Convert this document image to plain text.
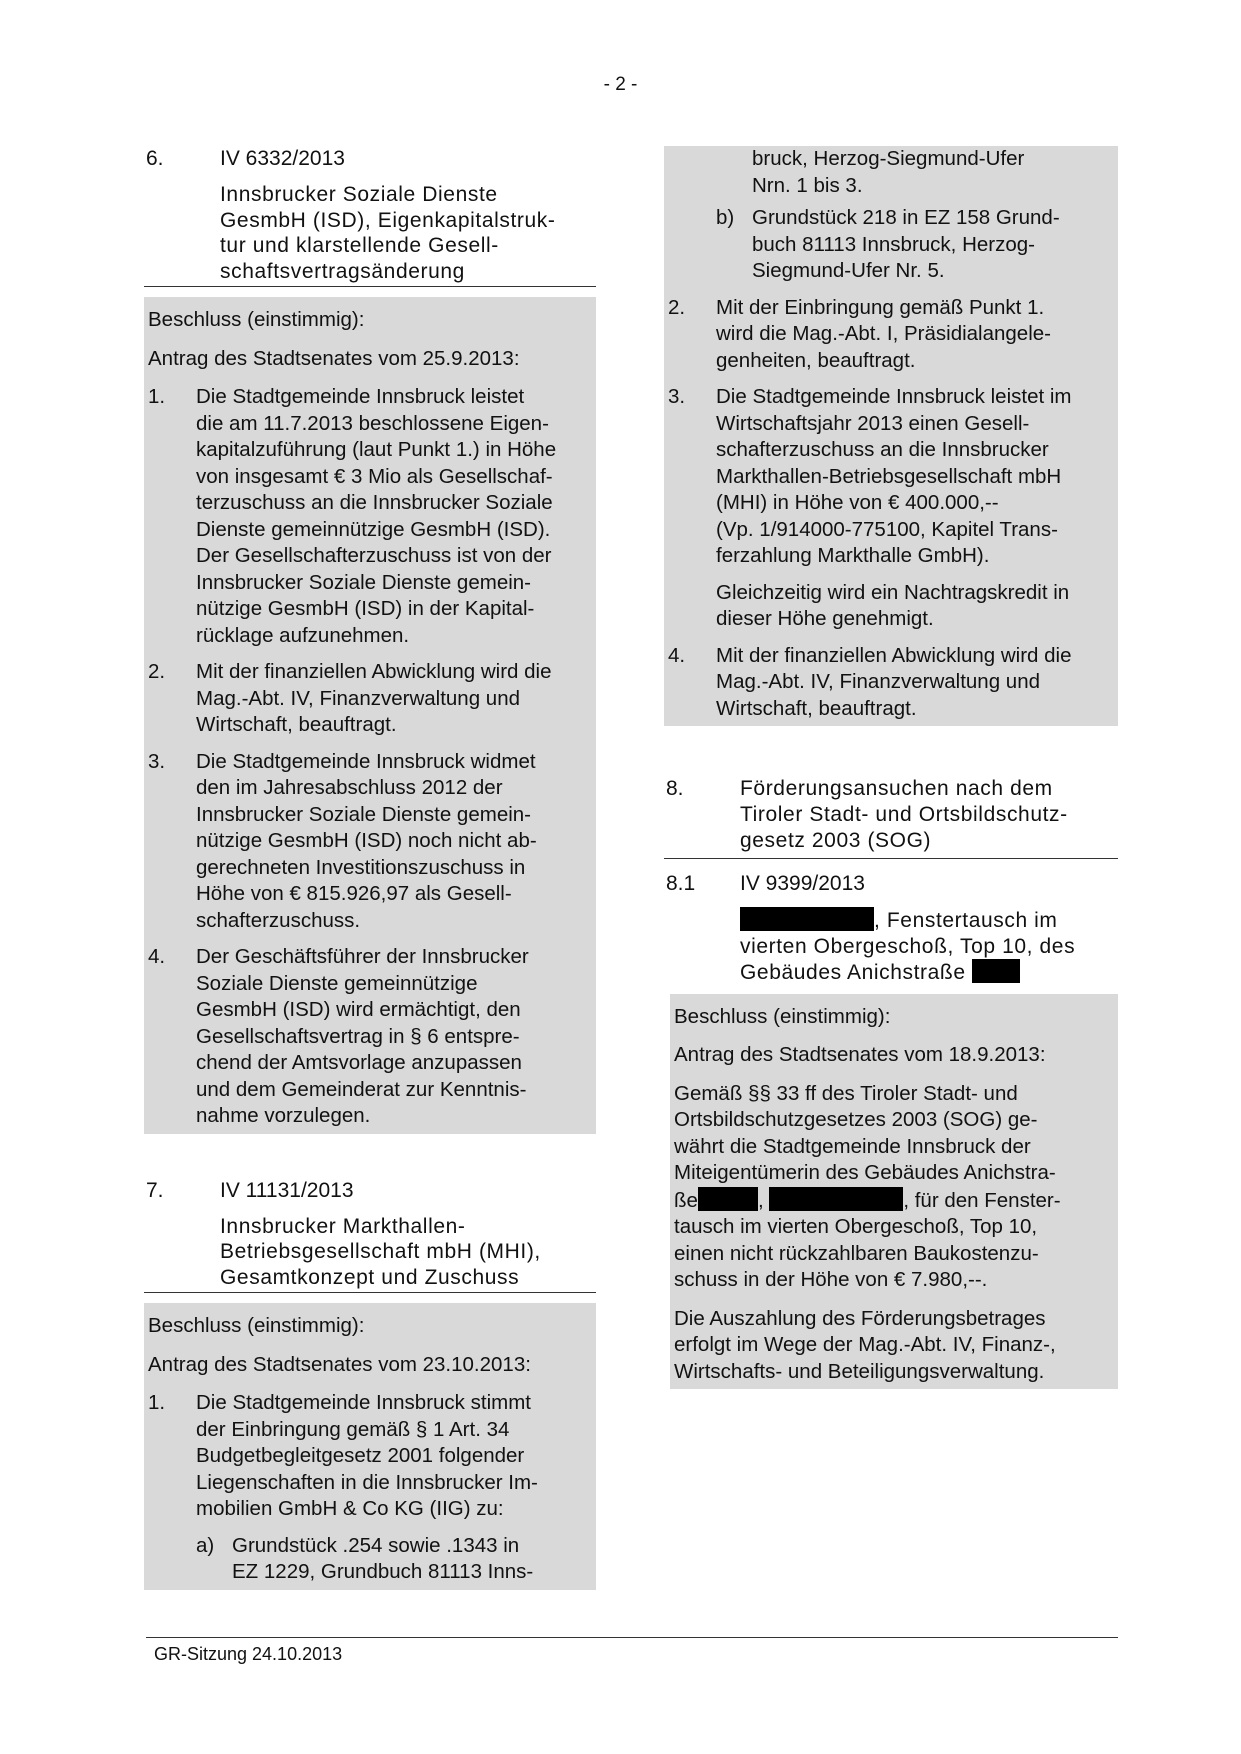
- 2 -
6.	IV 6332/2013
Innsbrucker Soziale Dienste
GesmbH (ISD), Eigenkapitalstruk-
tur und klarstellende Gesell-
schaftsvertragsänderung

Beschluss (einstimmig):

Antrag des Stadtsenates vom 25.9.2013:

1.	Die Stadtgemeinde Innsbruck leistet
die am 11.7.2013 beschlossene Eigen-
kapitalzuführung (laut Punkt 1.) in Höhe
von insgesamt € 3 Mio als Gesellschaf-
terzuschuss an die Innsbrucker Soziale
Dienste gemeinnützige GesmbH (ISD).
Der Gesellschafterzuschuss ist von der
Innsbrucker Soziale Dienste gemein-
nützige GesmbH (ISD) in der Kapital-
rücklage aufzunehmen.
2.	Mit der finanziellen Abwicklung wird die
Mag.-Abt. IV, Finanzverwaltung und
Wirtschaft, beauftragt.
3.	Die Stadtgemeinde Innsbruck widmet
den im Jahresabschluss 2012 der
Innsbrucker Soziale Dienste gemein-
nützige GesmbH (ISD) noch nicht ab-
gerechneten Investitionszuschuss in
Höhe von € 815.926,97 als Gesell-
schafterzuschuss.
4.	Der Geschäftsführer der Innsbrucker
Soziale Dienste gemeinnützige
GesmbH (ISD) wird ermächtigt, den
Gesellschaftsvertrag in § 6 entspre-
chend der Amtsvorlage anzupassen
und dem Gemeinderat zur Kenntnis-
nahme vorzulegen.
7.	IV 11131/2013
Innsbrucker Markthallen-
Betriebsgesellschaft mbH (MHI),
Gesamtkonzept und Zuschuss

Beschluss (einstimmig):

Antrag des Stadtsenates vom 23.10.2013:

1.	Die Stadtgemeinde Innsbruck stimmt
der Einbringung gemäß § 1 Art. 34
Budgetbegleitgesetz 2001 folgender
Liegenschaften in die Innsbrucker Im-
mobilien GmbH & Co KG (IIG) zu:
a) Grundstück .254 sowie .1343 in
EZ 1229, Grundbuch 81113 Inns-
bruck, Herzog-Siegmund-Ufer
Nrn. 1 bis 3.
b) Grundstück 218 in EZ 158 Grund-
buch 81113 Innsbruck, Herzog-
Siegmund-Ufer Nr. 5.
2.	Mit der Einbringung gemäß Punkt 1.
wird die Mag.-Abt. I, Präsidialangele-
genheiten, beauftragt.
3.	Die Stadtgemeinde Innsbruck leistet im
Wirtschaftsjahr 2013 einen Gesell-
schafterzuschuss an die Innsbrucker
Markthallen-Betriebsgesellschaft mbH
(MHI) in Höhe von € 400.000,--
(Vp. 1/914000-775100, Kapitel Trans-
ferzahlung Markthalle GmbH).
Gleichzeitig wird ein Nachtragskredit in
dieser Höhe genehmigt.
4.	Mit der finanziellen Abwicklung wird die
Mag.-Abt. IV, Finanzverwaltung und
Wirtschaft, beauftragt.
8.	Förderungsansuchen nach dem
Tiroler Stadt- und Ortsbildschutz-
gesetz 2003 (SOG)
8.1	IV 9399/2013
, Fenstertausch im
vierten Obergeschoß, Top 10, des
Gebäudes Anichstraße

Beschluss (einstimmig):

Antrag des Stadtsenates vom 18.9.2013:

Gemäß §§ 33 ff des Tiroler Stadt- und
Ortsbildschutzgesetzes 2003 (SOG) ge-
währt die Stadtgemeinde Innsbruck der
Miteigentümerin des Gebäudes Anichstra-

ße	,	, für den Fenster-

tausch im vierten Obergeschoß, Top 10,
einen nicht rückzahlbaren Baukostenzu-
schuss in der Höhe von € 7.980,--.

Die Auszahlung des Förderungsbetrages
erfolgt im Wege der Mag.-Abt. IV, Finanz-,
Wirtschafts- und Beteiligungsverwaltung.

GR-Sitzung 24.10.2013
